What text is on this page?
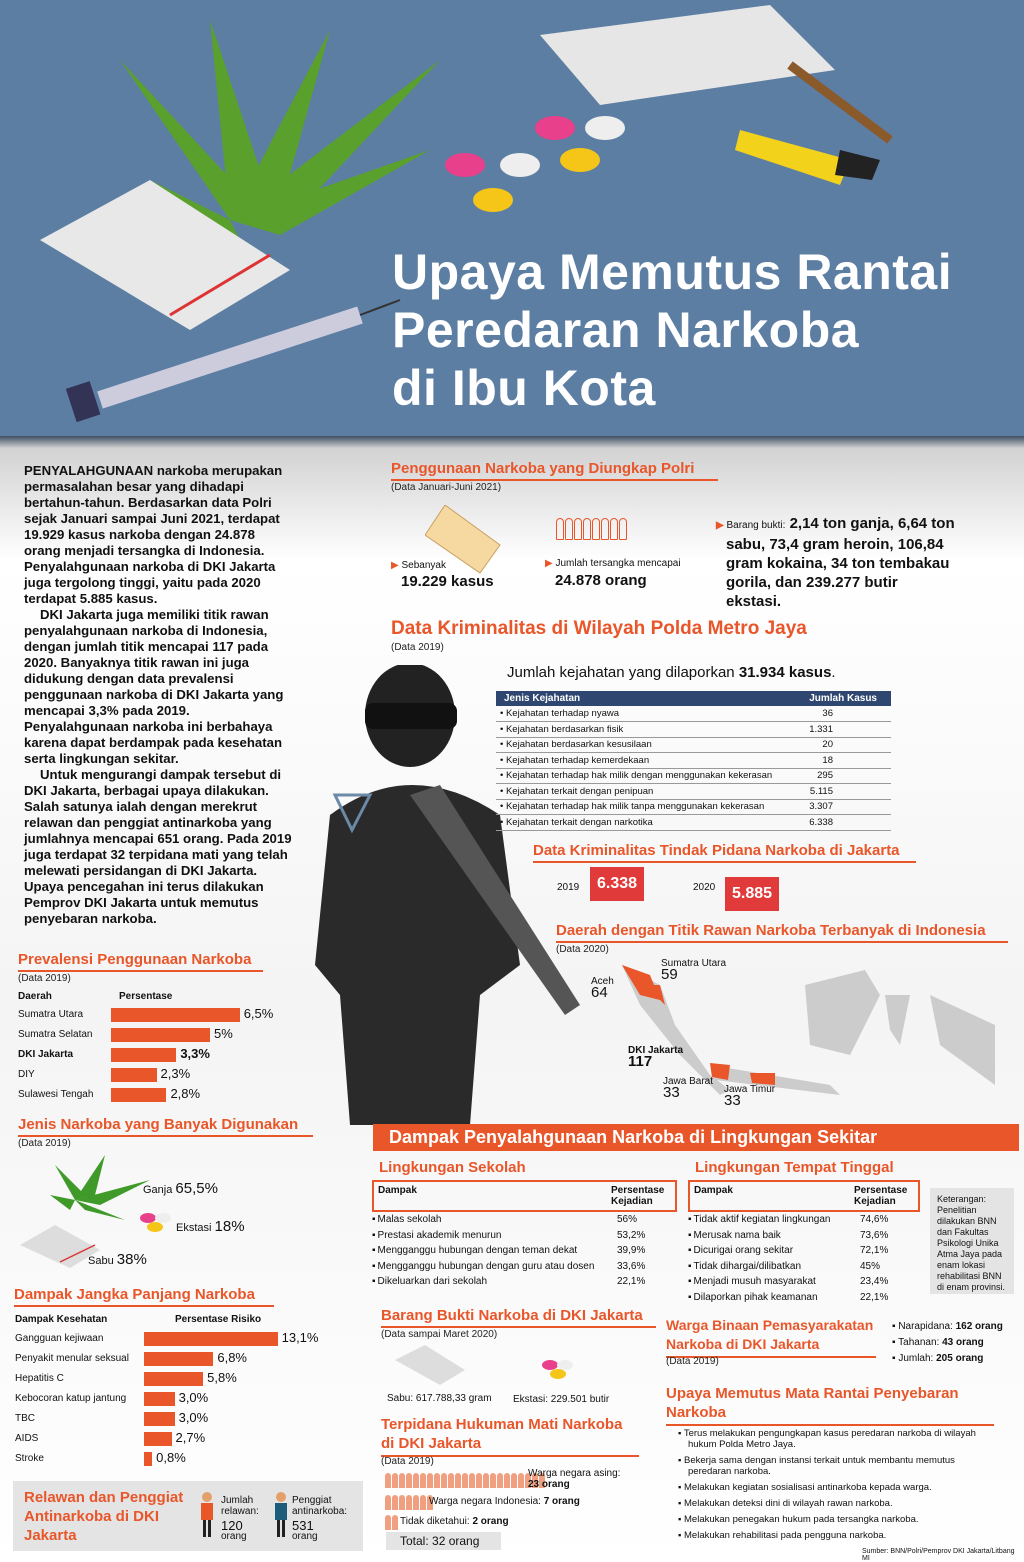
Upaya Memutus Rantai
Peredaran Narkoba
di Ibu Kota

PENYALAHGUNAAN narkoba merupakan permasalahan besar yang dihadapi bertahun-tahun. Berdasarkan data Polri sejak Januari sampai Juni 2021, terdapat 19.929 kasus narkoba dengan 24.878 orang menjadi tersangka di Indonesia. Penyalahgunaan narkoba di DKI Jakarta juga tergolong tinggi, yaitu pada 2020 terdapat 5.885 kasus.

DKI Jakarta juga memiliki titik rawan penyalahgunaan narkoba di Indonesia, dengan jumlah titik mencapai 117 pada 2020. Banyaknya titik rawan ini juga didukung dengan data prevalensi penggunaan narkoba di DKI Jakarta yang mencapai 3,3% pada 2019. Penyalahgunaan narkoba ini berbahaya karena dapat berdampak pada kesehatan serta lingkungan sekitar.

Untuk mengurangi dampak tersebut di DKI Jakarta, berbagai upaya dilakukan. Salah satunya ialah dengan merekrut relawan dan penggiat antinarkoba yang jumlahnya mencapai 651 orang. Pada 2019 juga terdapat 32 terpidana mati yang telah melewati persidangan di DKI Jakarta. Upaya pencegahan ini terus dilakukan Pemprov DKI Jakarta untuk memutus penyebaran narkoba.

Penggunaan Narkoba yang Diungkap Polri
(Data Januari-Juni 2021)
▶ Sebanyak
19.229 kasus
▶ Jumlah tersangka mencapai
24.878 orang
▶ Barang bukti: 2,14 ton ganja, 6,64 ton sabu, 73,4 gram heroin, 106,84 gram kokaina, 34 ton tembakau gorila, dan 239.277 butir ekstasi.
Data Kriminalitas di Wilayah Polda Metro Jaya
(Data 2019)
Jumlah kejahatan yang dilaporkan 31.934 kasus.
Jenis Kejahatan	Jumlah Kasus
• Kejahatan terhadap nyawa	36
• Kejahatan berdasarkan fisik	1.331
• Kejahatan berdasarkan kesusilaan	20
• Kejahatan terhadap kemerdekaan	18
• Kejahatan terhadap hak milik dengan menggunakan kekerasan	295
• Kejahatan terkait dengan penipuan	5.115
• Kejahatan terhadap hak milik tanpa menggunakan kekerasan	3.307
• Kejahatan terkait dengan narkotika	6.338
Data Kriminalitas Tindak Pidana Narkoba di Jakarta
2019	6.338	2020	5.885
Daerah dengan Titik Rawan Narkoba Terbanyak di Indonesia
(Data 2020)
Aceh
64
Sumatra Utara
59
DKI Jakarta
117
Jawa Barat
33	Jawa Timur
33
Prevalensi Penggunaan Narkoba
(Data 2019)
Daerah	Persentase
Sumatra Utara	6,5%
Sumatra Selatan	5%
DKI Jakarta	3,3%
DIY	2,3%
Sulawesi Tengah	2,8%
Jenis Narkoba yang Banyak Digunakan
(Data 2019)
Ganja 65,5%
Ekstasi 18%
Sabu 38%
Dampak Jangka Panjang Narkoba
Dampak Kesehatan	Persentase Risiko
Gangguan kejiwaan	13,1%
Penyakit menular seksual	6,8%
Hepatitis C	5,8%
Kebocoran katup jantung	3,0%
TBC	3,0%
AIDS	2,7%
Stroke	0,8%
Relawan dan Penggiat Antinarkoba di DKI Jakarta
Jumlah relawan:
120
orang
Penggiat antinarkoba:
531
orang
Dampak Penyalahgunaan Narkoba di Lingkungan Sekitar
Lingkungan Sekolah
Dampak	Persentase Kejadian
▪ Malas sekolah	56%
▪ Prestasi akademik menurun	53,2%
▪ Mengganggu hubungan dengan teman dekat	39,9%
▪ Mengganggu hubungan dengan guru atau dosen 33,6%
▪ Dikeluarkan dari sekolah	22,1%
Lingkungan Tempat Tinggal
Dampak	Persentase Kejadian
▪ Tidak aktif kegiatan lingkungan	74,6%
▪ Merusak nama baik	73,6%
▪ Dicurigai orang sekitar	72,1%
▪ Tidak dihargai/dilibatkan	45%
▪ Menjadi musuh masyarakat	23,4%
▪ Dilaporkan pihak keamanan	22,1%
Keterangan: Penelitian dilakukan BNN dan Fakultas Psikologi Unika Atma Jaya pada enam lokasi rehabilitasi BNN di enam provinsi.
Barang Bukti Narkoba di DKI Jakarta
(Data sampai Maret 2020)
Sabu: 617.788,33 gram Ekstasi: 229.501 butir
Terpidana Hukuman Mati Narkoba di DKI Jakarta
(Data 2019)
Warga negara asing:
23 orang
Warga negara Indonesia: 7 orang
Tidak diketahui: 2 orang
Total: 32 orang
Warga Binaan Pemasyarakatan Narkoba di DKI Jakarta
(Data 2019)
▪ Narapidana: 162 orang
▪ Tahanan: 43 orang
▪ Jumlah: 205 orang
Upaya Memutus Mata Rantai Penyebaran Narkoba
▪ Terus melakukan pengungkapan kasus peredaran narkoba di wilayah hukum Polda Metro Jaya.
▪ Bekerja sama dengan instansi terkait untuk membantu memutus peredaran narkoba.
▪ Melakukan kegiatan sosialisasi antinarkoba kepada warga.
▪ Melakukan deteksi dini di wilayah rawan narkoba.
▪ Melakukan penegakan hukum pada tersangka narkoba.
▪ Melakukan rehabilitasi pada pengguna narkoba.
Sumber: BNN/Polri/Pemprov DKI Jakarta/Litbang MI
